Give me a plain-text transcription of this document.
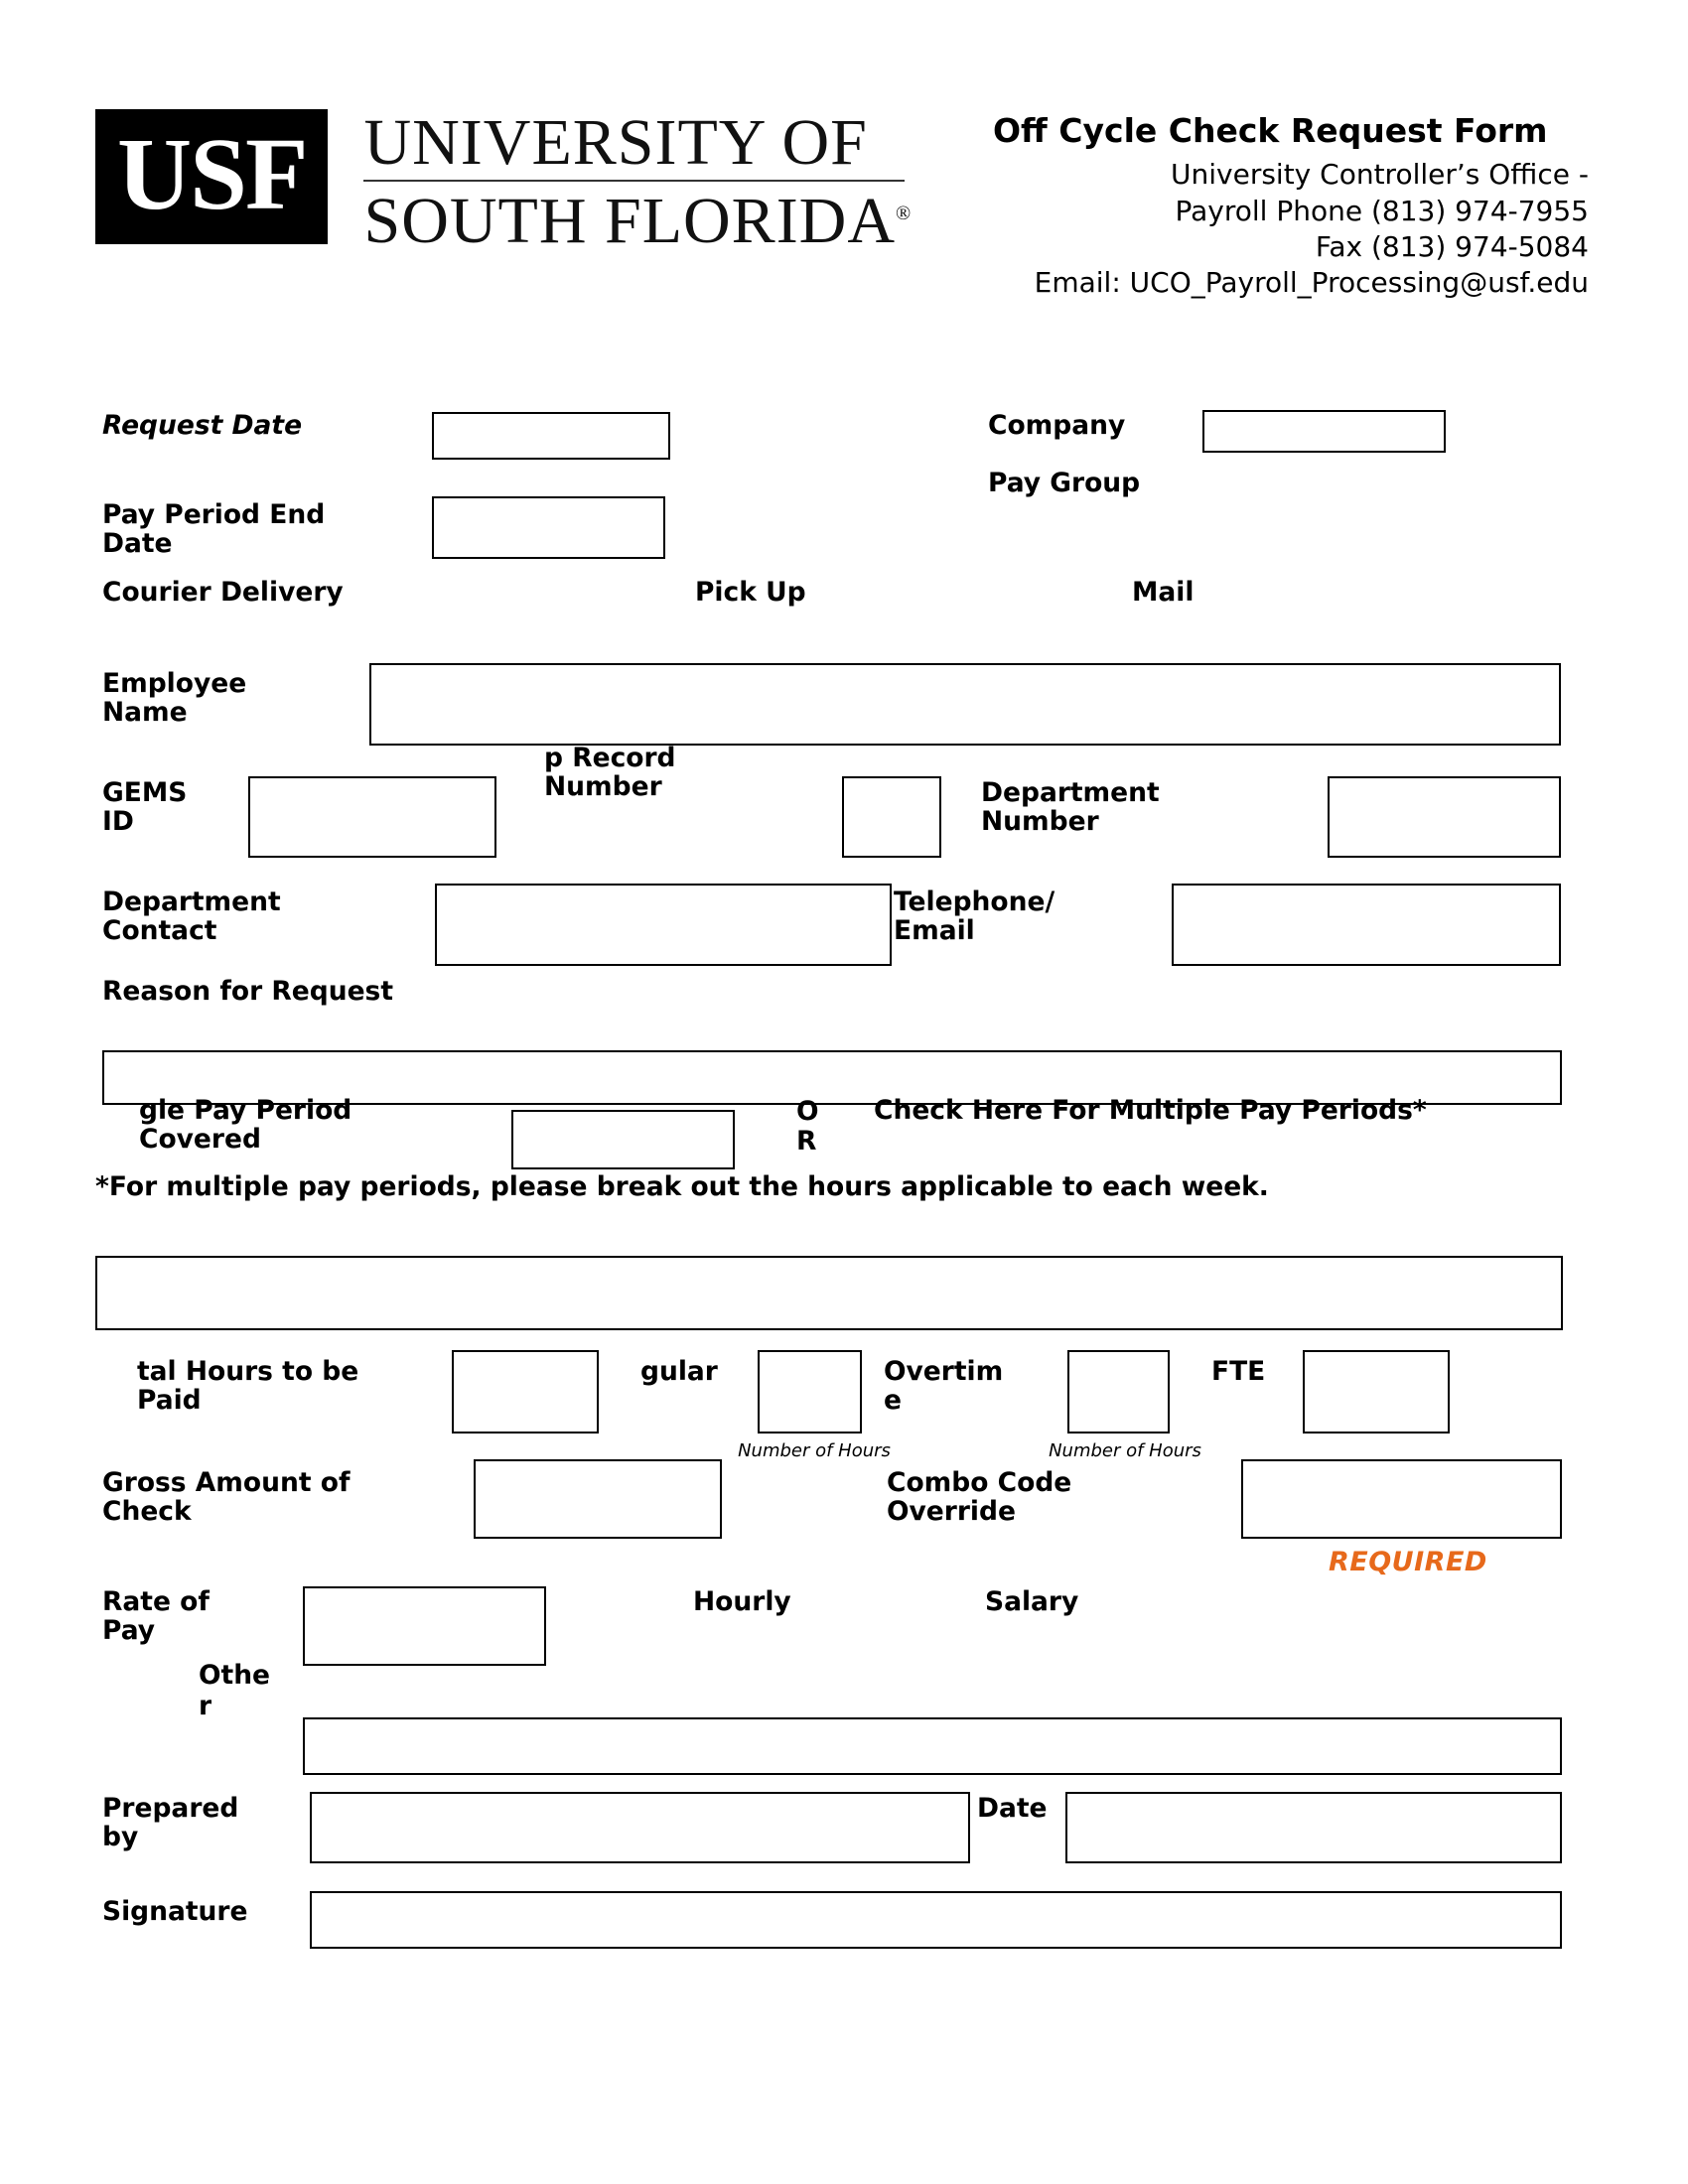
USF UNIVERSITY OF
SOUTH FLORIDA®
Off Cycle Check Request Form
University Controller’s Office -
Payroll Phone (813) 974-7955
Fax (813) 974-5084
Email: UCO_Payroll_Processing@usf.edu
Request Date	Company
Pay Group
Pay Period End Date
Courier Delivery	Pick Up	Mail
Employee Name
GEMS ID
p Record Number	Department Number
Department Contact
Telephone/ Email
Reason for Request
gle Pay Period Covered
O
R
Check Here For Multiple Pay Periods*
*For multiple pay periods, please break out the hours applicable to each week.
tal Hours to be Paid
gular
Number of Hours
Overtim e
Number of Hours
FTE
Gross Amount of Check
Combo Code Override
REQUIRED
Rate of Pay
Hourly	Salary
Othe r
Prepared by
Date
Signature
